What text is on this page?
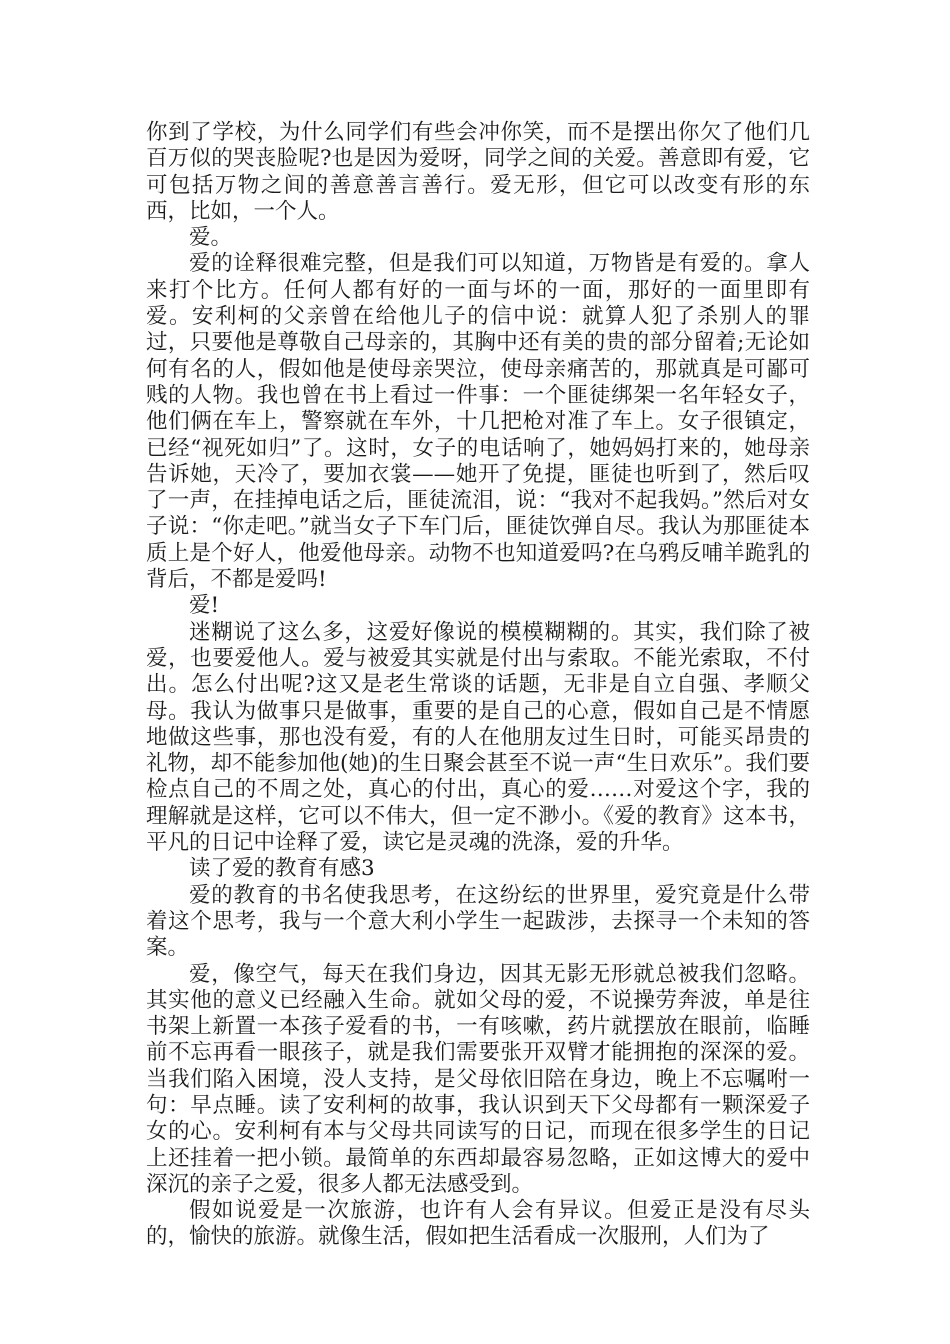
你到了学校，为什么同学们有些会冲你笑，而不是摆出你欠了他们几百万似的哭丧脸呢?也是因为爱呀，同学之间的关爱。善意即有爱，它可包括万物之间的善意善言善行。爱无形，但它可以改变有形的东西，比如，一个人。

爱。

爱的诠释很难完整，但是我们可以知道，万物皆是有爱的。拿人来打个比方。任何人都有好的一面与坏的一面，那好的一面里即有爱。安利柯的父亲曾在给他儿子的信中说：就算人犯了杀别人的罪过，只要他是尊敬自己母亲的，其胸中还有美的贵的部分留着;无论如何有名的人，假如他是使母亲哭泣，使母亲痛苦的，那就真是可鄙可贱的人物。我也曾在书上看过一件事：一个匪徒绑架一名年轻女子，他们俩在车上，警察就在车外，十几把枪对准了车上。女子很镇定，已经“视死如归”了。这时，女子的电话响了，她妈妈打来的，她母亲告诉她，天冷了，要加衣裳——她开了免提，匪徒也听到了，然后叹了一声，在挂掉电话之后，匪徒流泪，说：“我对不起我妈。”然后对女子说：“你走吧。”就当女子下车门后，匪徒饮弹自尽。我认为那匪徒本质上是个好人，他爱他母亲。动物不也知道爱吗?在乌鸦反哺羊跪乳的背后，不都是爱吗!

爱!

迷糊说了这么多，这爱好像说的模模糊糊的。其实，我们除了被爱，也要爱他人。爱与被爱其实就是付出与索取。不能光索取，不付出。怎么付出呢?这又是老生常谈的话题，无非是自立自强、孝顺父母。我认为做事只是做事，重要的是自己的心意，假如自己是不情愿地做这些事，那也没有爱，有的人在他朋友过生日时，可能买昂贵的礼物，却不能参加他(她)的生日聚会甚至不说一声“生日欢乐”。我们要检点自己的不周之处，真心的付出，真心的爱……对爱这个字，我的理解就是这样，它可以不伟大，但一定不渺小。《爱的教育》这本书，平凡的日记中诠释了爱，读它是灵魂的洗涤，爱的升华。

读了爱的教育有感3

爱的教育的书名使我思考，在这纷纭的世界里，爱究竟是什么带着这个思考，我与一个意大利小学生一起跋涉，去探寻一个未知的答案。

爱，像空气，每天在我们身边，因其无影无形就总被我们忽略。其实他的意义已经融入生命。就如父母的爱，不说操劳奔波，单是往书架上新置一本孩子爱看的书，一有咳嗽，药片就摆放在眼前，临睡前不忘再看一眼孩子，就是我们需要张开双臂才能拥抱的深深的爱。当我们陷入困境，没人支持，是父母依旧陪在身边，晚上不忘嘱咐一句：早点睡。读了安利柯的故事，我认识到天下父母都有一颗深爱子女的心。安利柯有本与父母共同读写的日记，而现在很多学生的日记上还挂着一把小锁。最简单的东西却最容易忽略，正如这博大的爱中深沉的亲子之爱，很多人都无法感受到。

假如说爱是一次旅游，也许有人会有异议。但爱正是没有尽头的，愉快的旅游。就像生活，假如把生活看成一次服刑，人们为了
